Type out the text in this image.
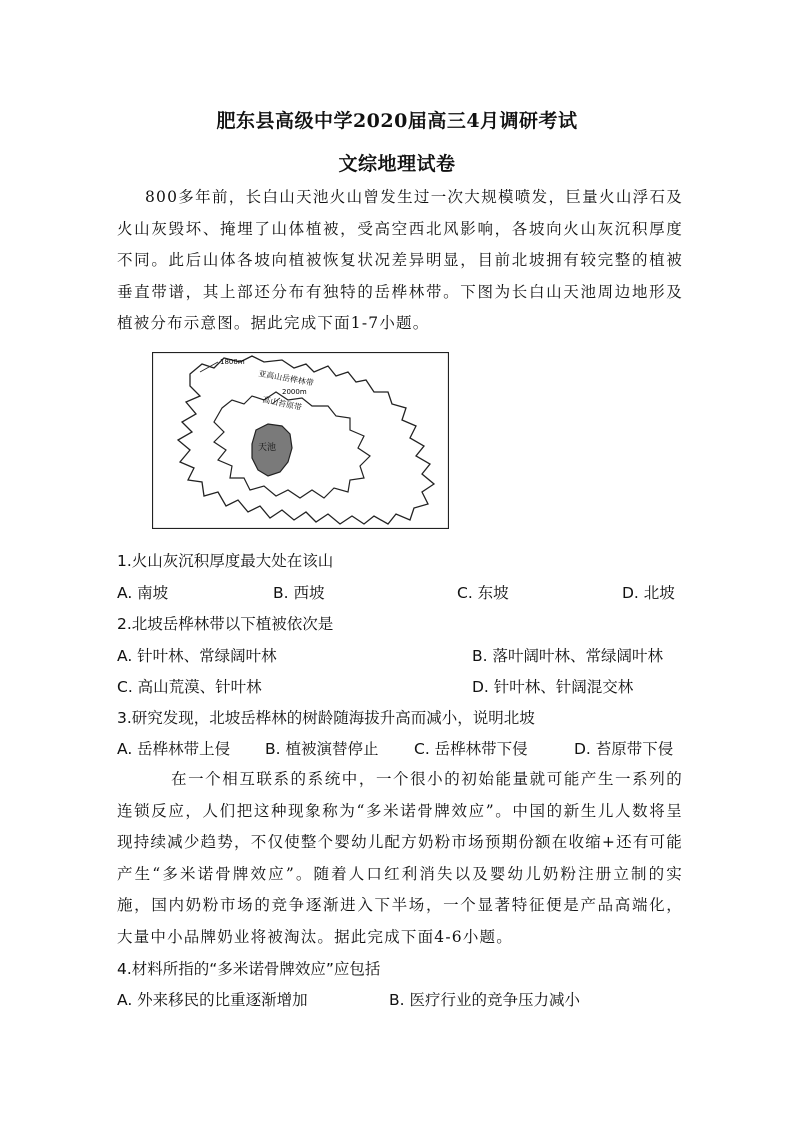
肥东县高级中学2020届高三4月调研考试
文综地理试卷

800多年前，长白山天池火山曾发生过一次大规模喷发，巨量火山浮石及火山灰毁坏、掩埋了山体植被，受高空西北风影响，各坡向火山灰沉积厚度不同。此后山体各坡向植被恢复状况差异明显，目前北坡拥有较完整的植被垂直带谱，其上部还分布有独特的岳桦林带。下图为长白山天池周边地形及植被分布示意图。据此完成下面1-7小题。

1800m
亚高山岳桦林带
2000m
高山苔原带
天池
1.火山灰沉积厚度最大处在该山
A. 南坡	B. 西坡	C. 东坡	D. 北坡
2.北坡岳桦林带以下植被依次是
A. 针叶林、常绿阔叶林	B. 落叶阔叶林、常绿阔叶林
C. 高山荒漠、针叶林	D. 针叶林、针阔混交林
3.研究发现，北坡岳桦林的树龄随海拔升高而减小，说明北坡
A. 岳桦林带上侵 B. 植被演替停止 C. 岳桦林带下侵	D. 苔原带下侵

在一个相互联系的系统中，一个很小的初始能量就可能产生一系列的连锁反应，人们把这种现象称为“多米诺骨牌效应”。中国的新生儿人数将呈现持续减少趋势，不仅使整个婴幼儿配方奶粉市场预期份额在收缩+还有可能产生“多米诺骨牌效应”。随着人口红利消失以及婴幼儿奶粉注册立制的实施，国内奶粉市场的竞争逐渐进入下半场，一个显著特征便是产品高端化，大量中小品牌奶业将被淘汰。据此完成下面4-6小题。

4.材料所指的“多米诺骨牌效应”应包括
A. 外来移民的比重逐渐增加	B. 医疗行业的竞争压力减小
